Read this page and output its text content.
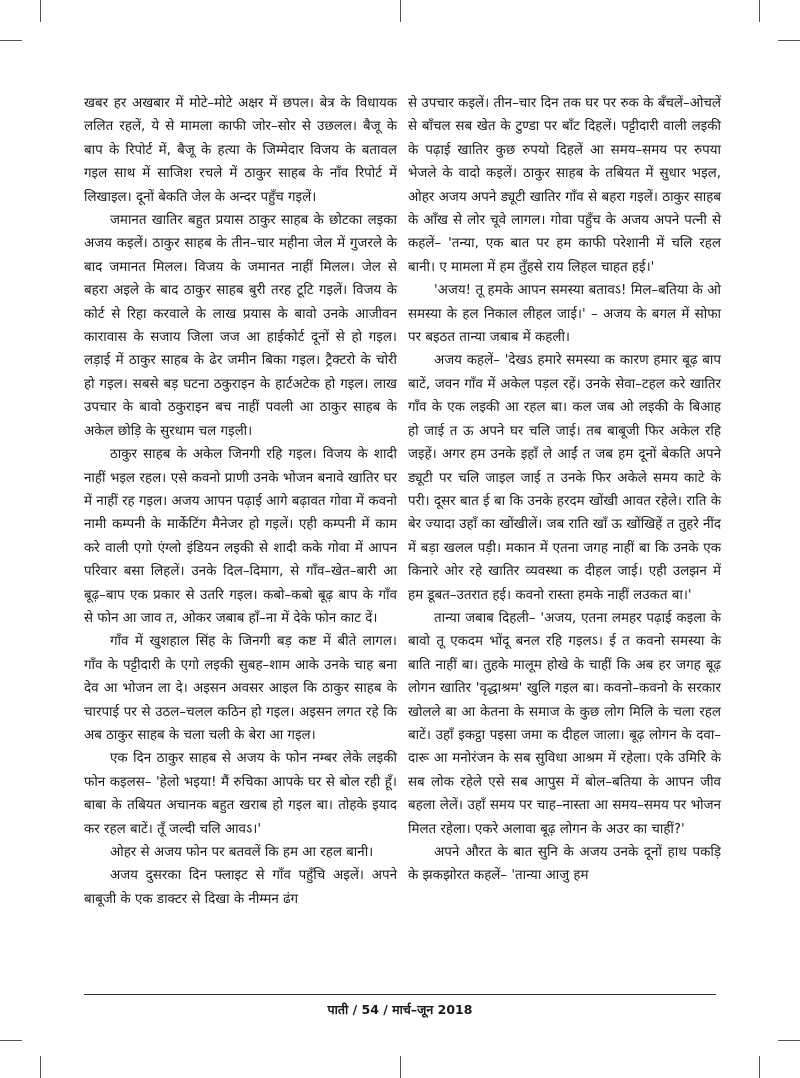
खबर हर अखबार में मोटे–मोटे अक्षर में छपल। बेत्र के विधायक ललित रहलें, ये से मामला काफी जोर–सोर से उछलल। बैजू के बाप के रिपोर्ट में, बैजू के हत्या के जिम्मेदार विजय के बतावल गइल साथ में साजिश रचले में ठाकुर साहब के नाँव रिपोर्ट में लिखाइल। दूनों बेकति जेल के अन्दर पहुँच गइलें।

जमानत खातिर बहुत प्रयास ठाकुर साहब के छोटका लइका अजय कइलें। ठाकुर साहब के तीन–चार महीना जेल में गुजरले के बाद जमानत मिलल। विजय के जमानत नाहीं मिलल। जेल से बहरा अइले के बाद ठाकुर साहब बुरी तरह टूटि गइलें। विजय के कोर्ट से रिहा करवाले के लाख प्रयास के बावो उनके आजीवन कारावास के सजाय जिला जज आ हाईकोर्ट दूनों से हो गइल। लड़ाई में ठाकुर साहब के ढेर जमीन बिका गइल। ट्रैक्टरो के चोरी हो गइल। सबसे बड़ घटना ठकुराइन के हार्टअटेक हो गइल। लाख उपचार के बावो ठकुराइन बच नाहीं पवली आ ठाकुर साहब के अकेल छोड़ि के सुरधाम चल गइली।

ठाकुर साहब के अकेल जिनगी रहि गइल। विजय के शादी नाहीं भइल रहल। एसे कवनो प्राणी उनके भोजन बनावे खातिर घर में नाहीं रह गइल। अजय आपन पढ़ाई आगे बढ़ावत गोवा में कवनो नामी कम्पनी के मार्केटिंग मैनेजर हो गइलें। एही कम्पनी में काम करे वाली एगो एंग्लो इंडियन लइकी से शादी कके गोवा में आपन परिवार बसा लिहलें। उनके दिल–दिमाग, से गाँव–खेत–बारी आ बूढ़–बाप एक प्रकार से उतरि गइल। कबो–कबो बूढ़ बाप के गाँव से फोन आ जाव त, ओकर जबाब हाँ–ना में देके फोन काट दें।

गाँव में खुशहाल सिंह के जिनगी बड़ कष्ट में बीते लागल। गाँव के पट्टीदारी के एगो लइकी सुबह–शाम आके उनके चाह बना देव आ भोजन ला दे। अइसन अवसर आइल कि ठाकुर साहब के चारपाई पर से उठल–चलल कठिन हो गइल। अइसन लगत रहे कि अब ठाकुर साहब के चला चली के बेरा आ गइल।

एक दिन ठाकुर साहब से अजय के फोन नम्बर लेके लइकी फोन कइलस– 'हेलो भइया! मैं रुचिका आपके घर से बोल रही हूँ। बाबा के तबियत अचानक बहुत खराब हो गइल बा। तोहके इयाद कर रहल बाटें। तूँ जल्दी चलि आवऽ।'

ओहर से अजय फोन पर बतवलें कि हम आ रहल बानी।

अजय दुसरका दिन फ्लाइट से गाँव पहुँचि अइलें। अपने बाबूजी के एक डाक्टर से दिखा के नीम्मन ढंग

से उपचार कइलें। तीन–चार दिन तक घर पर रुक के बँचलें–ओचलें से बाँचल सब खेत के टुण्डा पर बाँट दिहलें। पट्टीदारी वाली लइकी के पढ़ाई खातिर कुछ रुपयो दिहलें आ समय–समय पर रुपया भेजले के वादो कइलें। ठाकुर साहब के तबियत में सुधार भइल, ओहर अजय अपने ड्यूटी खातिर गाँव से बहरा गइलें। ठाकुर साहब के आँख से लोर चूवे लागल। गोवा पहुँच के अजय अपने पत्नी से कहलें– 'तन्या, एक बात पर हम काफी परेशानी में चलि रहल बानी। ए मामला में हम तुँहसे राय लिहल चाहत हई।'

'अजय! तू हमके आपन समस्या बतावऽ! मिल–बतिया के ओ समस्या के हल निकाल लीहल जाई।' – अजय के बगल में सोफा पर बइठत तान्या जबाब में कहली।

अजय कहलें– 'देखऽ हमारे समस्या क कारण हमार बूढ़ बाप बाटें, जवन गाँव में अकेल पड़ल रहें। उनके सेवा–टहल करे खातिर गाँव के एक लइकी आ रहल बा। कल जब ओ लइकी के बिआह हो जाई त ऊ अपने घर चलि जाई। तब बाबूजी फिर अकेल रहि जइहें। अगर हम उनके इहाँ ले आईं त जब हम दूनों बेकति अपने ड्यूटी पर चलि जाइल जाई त उनके फिर अकेले समय काटे के परी। दूसर बात ई बा कि उनके हरदम खोंखी आवत रहेले। राति के बेर ज्यादा उहाँ का खोंखीलें। जब राति खाँ ऊ खोंखिहें त तुहरे नींद में बड़ा खलल पड़ी। मकान में एतना जगह नाहीं बा कि उनके एक किनारे ओर रहे खातिर व्यवस्था क दीहल जाई। एही उलझन में हम डूबत–उतरात हई। कवनो रास्ता हमके नाहीं लउकत बा।'

तान्या जबाब दिहली– 'अजय, एतना लमहर पढ़ाई कइला के बावो तू एकदम भोंदू बनल रहि गइलऽ। ई त कवनो समस्या के बाति नाहीं बा। तुहके मालूम होखे के चाहीं कि अब हर जगह बूढ़ लोगन खातिर 'वृद्धाश्रम' खुलि गइल बा। कवनो–कवनो के सरकार खोलले बा आ केतना के समाज के कुछ लोग मिलि के चला रहल बाटें। उहाँ इकट्ठा पइसा जमा क दीहल जाला। बूढ़ लोगन के दवा–दारू आ मनोरंजन के सब सुविधा आश्रम में रहेला। एके उमिरि के सब लोक रहेले एसे सब आपुस में बोल–बतिया के आपन जीव बहला लेलें। उहाँ समय पर चाह–नास्ता आ समय–समय पर भोजन मिलत रहेला। एकरे अलावा बूढ़ लोगन के अउर का चाहीं?'

अपने औरत के बात सुनि के अजय उनके दूनों हाथ पकड़ि के झकझोरत कहलें– 'तान्या आजु हम

पाती / 54 / मार्च–जून 2018
